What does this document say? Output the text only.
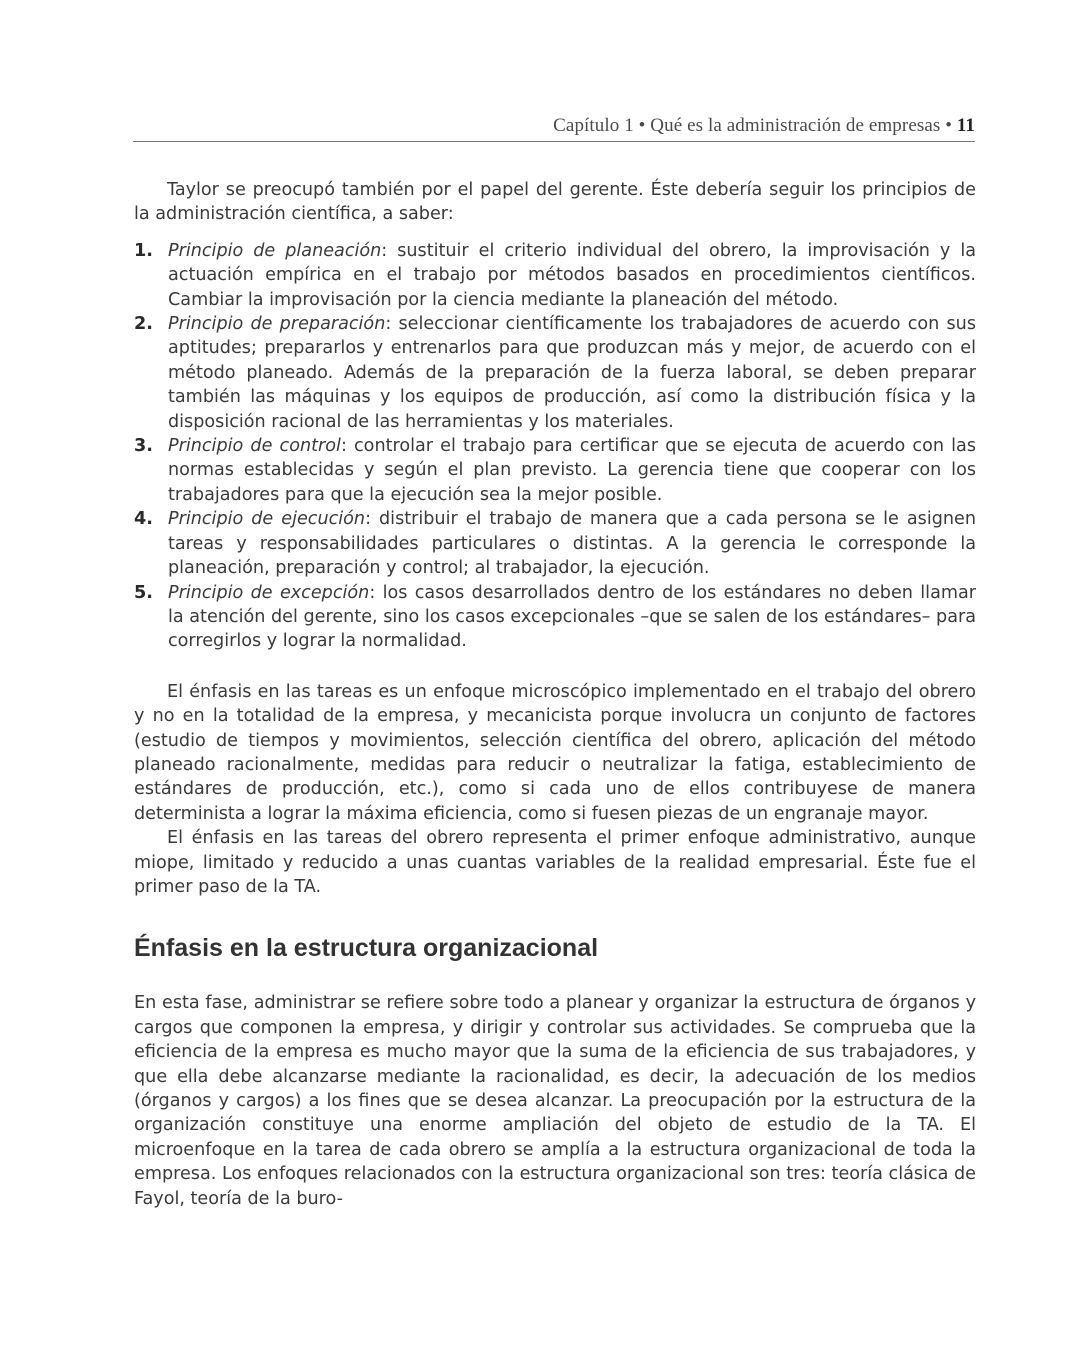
Capítulo 1 • Qué es la administración de empresas • 11

Taylor se preocupó también por el papel del gerente. Éste debería seguir los principios de la administración científica, a saber:

1. Principio de planeación: sustituir el criterio individual del obrero, la improvisación y la actuación empírica en el trabajo por métodos basados en procedimientos científicos. Cambiar la improvisación por la ciencia mediante la planeación del método.
2. Principio de preparación: seleccionar científicamente los trabajadores de acuerdo con sus aptitudes; prepararlos y entrenarlos para que produzcan más y mejor, de acuerdo con el método planeado. Además de la preparación de la fuerza laboral, se deben preparar también las máquinas y los equipos de producción, así como la distribución física y la disposición racional de las herramientas y los materiales.
3. Principio de control: controlar el trabajo para certificar que se ejecuta de acuerdo con las normas establecidas y según el plan previsto. La gerencia tiene que cooperar con los trabajadores para que la ejecución sea la mejor posible.
4. Principio de ejecución: distribuir el trabajo de manera que a cada persona se le asignen tareas y responsabilidades particulares o distintas. A la gerencia le corresponde la planeación, preparación y control; al trabajador, la ejecución.
5. Principio de excepción: los casos desarrollados dentro de los estándares no deben llamar la atención del gerente, sino los casos excepcionales –que se salen de los estándares– para corregirlos y lograr la normalidad.

El énfasis en las tareas es un enfoque microscópico implementado en el trabajo del obrero y no en la totalidad de la empresa, y mecanicista porque involucra un conjunto de factores (estudio de tiempos y movimientos, selección científica del obrero, aplicación del método planeado racionalmente, medidas para reducir o neutralizar la fatiga, establecimiento de estándares de producción, etc.), como si cada uno de ellos contribuyese de manera determinista a lograr la máxima eficiencia, como si fuesen piezas de un engranaje mayor.

El énfasis en las tareas del obrero representa el primer enfoque administrativo, aunque miope, limitado y reducido a unas cuantas variables de la realidad empresarial. Éste fue el primer paso de la TA.

Énfasis en la estructura organizacional

En esta fase, administrar se refiere sobre todo a planear y organizar la estructura de órganos y cargos que componen la empresa, y dirigir y controlar sus actividades. Se comprueba que la eficiencia de la empresa es mucho mayor que la suma de la eficiencia de sus trabajadores, y que ella debe alcanzarse mediante la racionalidad, es decir, la adecuación de los medios (órganos y cargos) a los fines que se desea alcanzar. La preocupación por la estructura de la organización constituye una enorme ampliación del objeto de estudio de la TA. El microenfoque en la tarea de cada obrero se amplía a la estructura organizacional de toda la empresa. Los enfoques relacionados con la estructura organizacional son tres: teoría clásica de Fayol, teoría de la buro-
